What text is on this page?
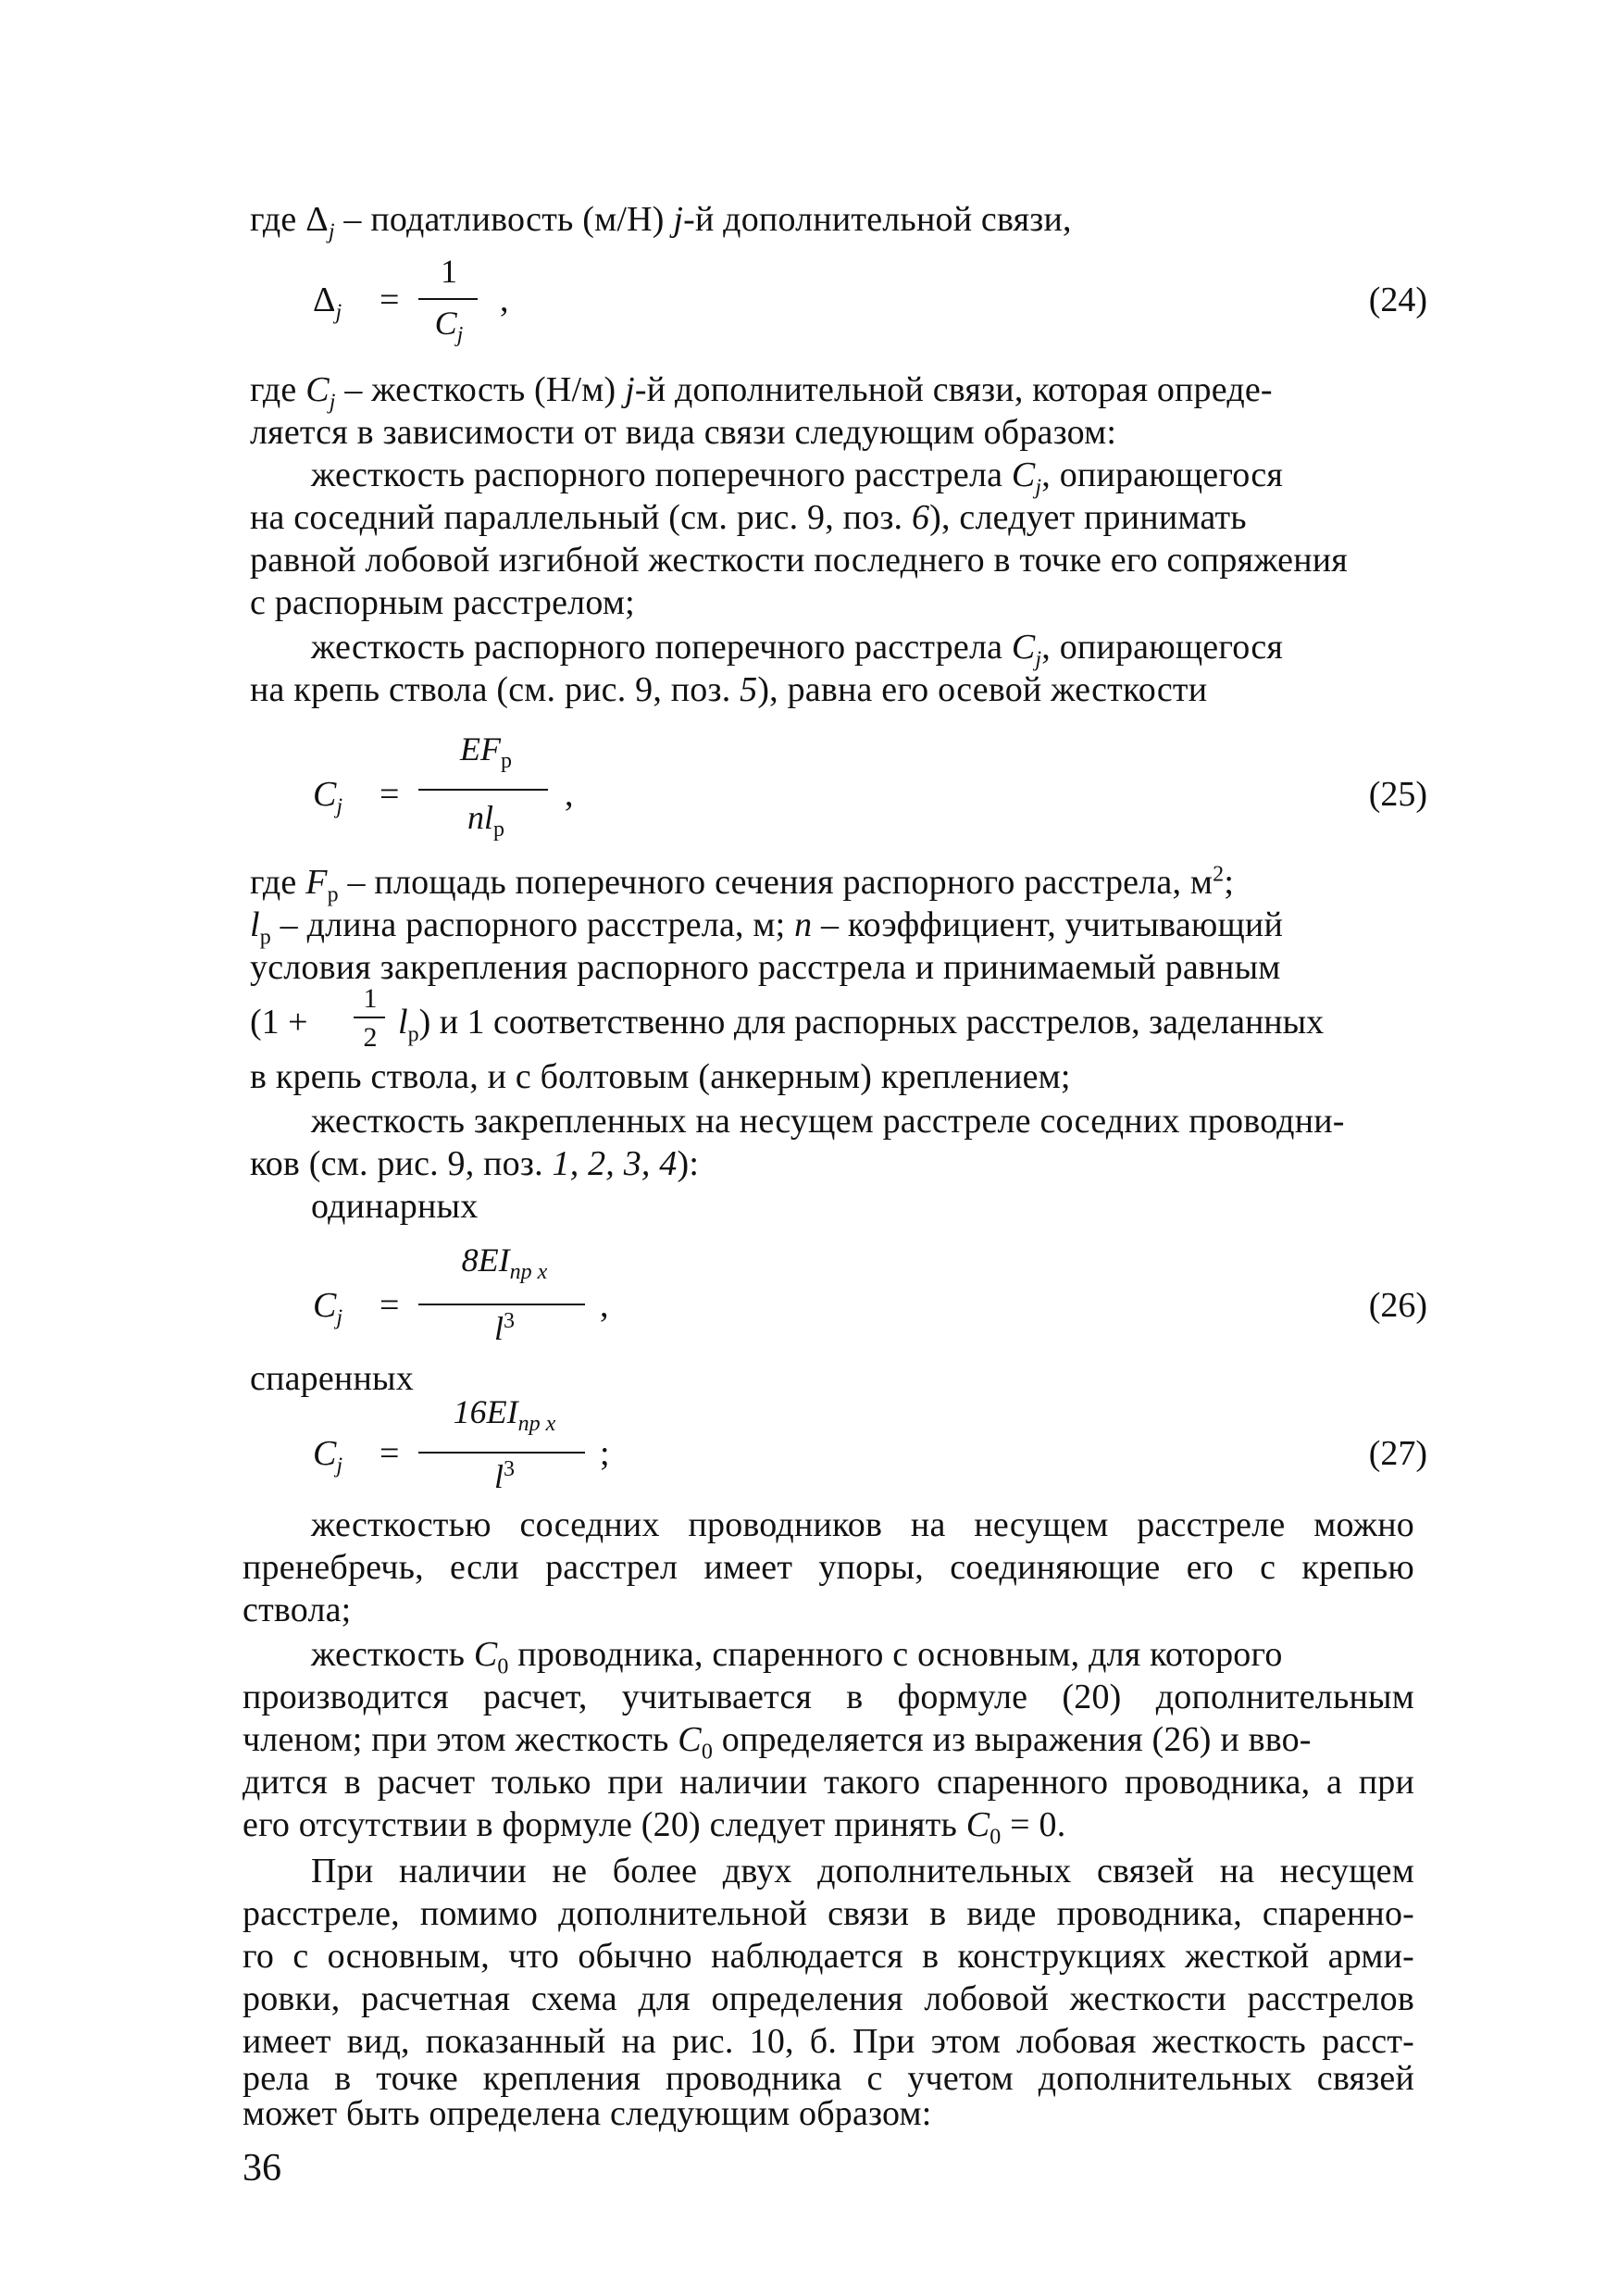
где $\Delta_j$ – податливость (м/Н) j-й дополнительной связи,
$\Delta_j$ =
1
$C_j$
,	(24)
где $C_j$ – жесткость (Н/м) j-й дополнительной связи, которая опреде-
ляется в зависимости от вида связи следующим образом:
жесткость распорного поперечного расстрела $C_j$, опирающегося
на соседний параллельный (см. рис. 9, поз. 6), следует принимать
равной лобовой изгибной жесткости последнего в точке его сопряжения
с распорным расстрелом;
жесткость распорного поперечного расстрела $C_j$, опирающегося
на крепь ствола (см. рис. 9, поз. 5), равна его осевой жесткости
$C_j$ =
$EF_р$
$nl_р$
,	(25)
где $F_р$ – площадь поперечного сечения распорного расстрела, $м^2$;
$l_р$ – длина распорного расстрела, м; n – коэффициент, учитывающий
условия закрепления распорного расстрела и принимаемый равным
(1 +
1
2 $l_р$) и 1 соответственно для распорных расстрелов, заделанных
в крепь ствола, и с болтовым (анкерным) креплением;
жесткость закрепленных на несущем расстреле соседних проводни-
ков (см. рис. 9, поз. 1, 2, 3, 4):
одинарных
$C_j$ =
$8EI_{пр x}$
$l^3$	,	(26)
спаренных
$C_j$ =
$16EI_{пр x}$
$l^3$	;	(27)
жесткостью соседних проводников на несущем расстреле можно
пренебречь, если расстрел имеет упоры, соединяющие его с крепью
ствола;
жесткость $C_0$ проводника, спаренного с основным, для которого
производится расчет, учитывается в формуле (20) дополнительным
членом; при этом жесткость $C_0$ определяется из выражения (26) и вво-
дится в расчет только при наличии такого спаренного проводника, а при
его отсутствии в формуле (20) следует принять $C_0 = 0$.
При наличии не более двух дополнительных связей на несущем
расстреле, помимо дополнительной связи в виде проводника, спаренно-
го с основным, что обычно наблюдается в конструкциях жесткой арми-
ровки, расчетная схема для определения лобовой жесткости расстрелов
имеет вид, показанный на рис. 10, б. При этом лобовая жесткость расст-
рела в точке крепления проводника с учетом дополнительных связей
может быть определена следующим образом:
36
